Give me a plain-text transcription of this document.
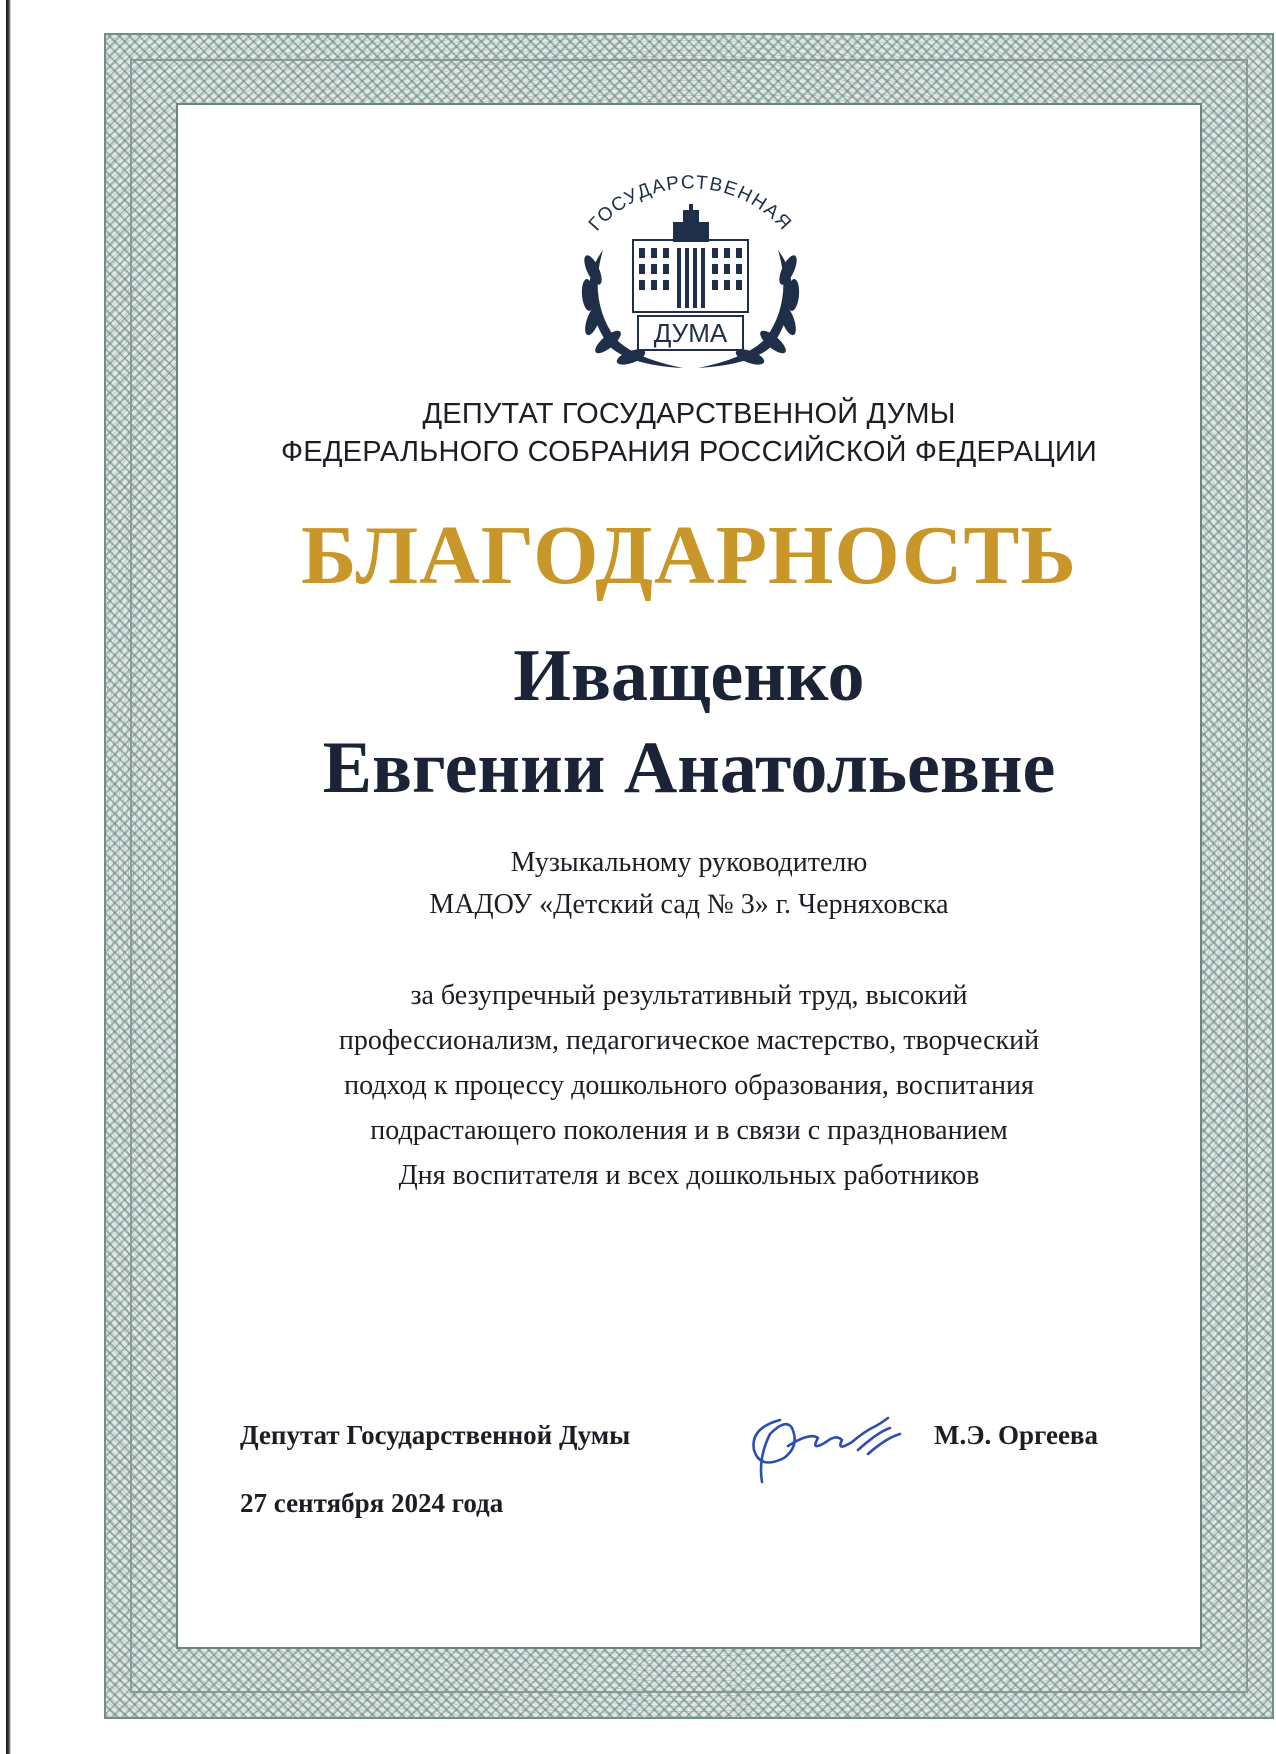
ГОСУДАРСТВЕННАЯ
ДУМА
ДЕПУТАТ ГОСУДАРСТВЕННОЙ ДУМЫ
ФЕДЕРАЛЬНОГО СОБРАНИЯ РОССИЙСКОЙ ФЕДЕРАЦИИ
БЛАГОДАРНОСТЬ
Иващенко
Евгении Анатольевне
Музыкальному руководителю
МАДОУ «Детский сад № 3» г. Черняховска
за безупречный результативный труд, высокий
профессионализм, педагогическое мастерство, творческий
подход к процессу дошкольного образования, воспитания
подрастающего поколения и в связи с празднованием
Дня воспитателя и всех дошкольных работников
Депутат Государственной Думы	М.Э. Оргеева
27 сентября 2024 года
